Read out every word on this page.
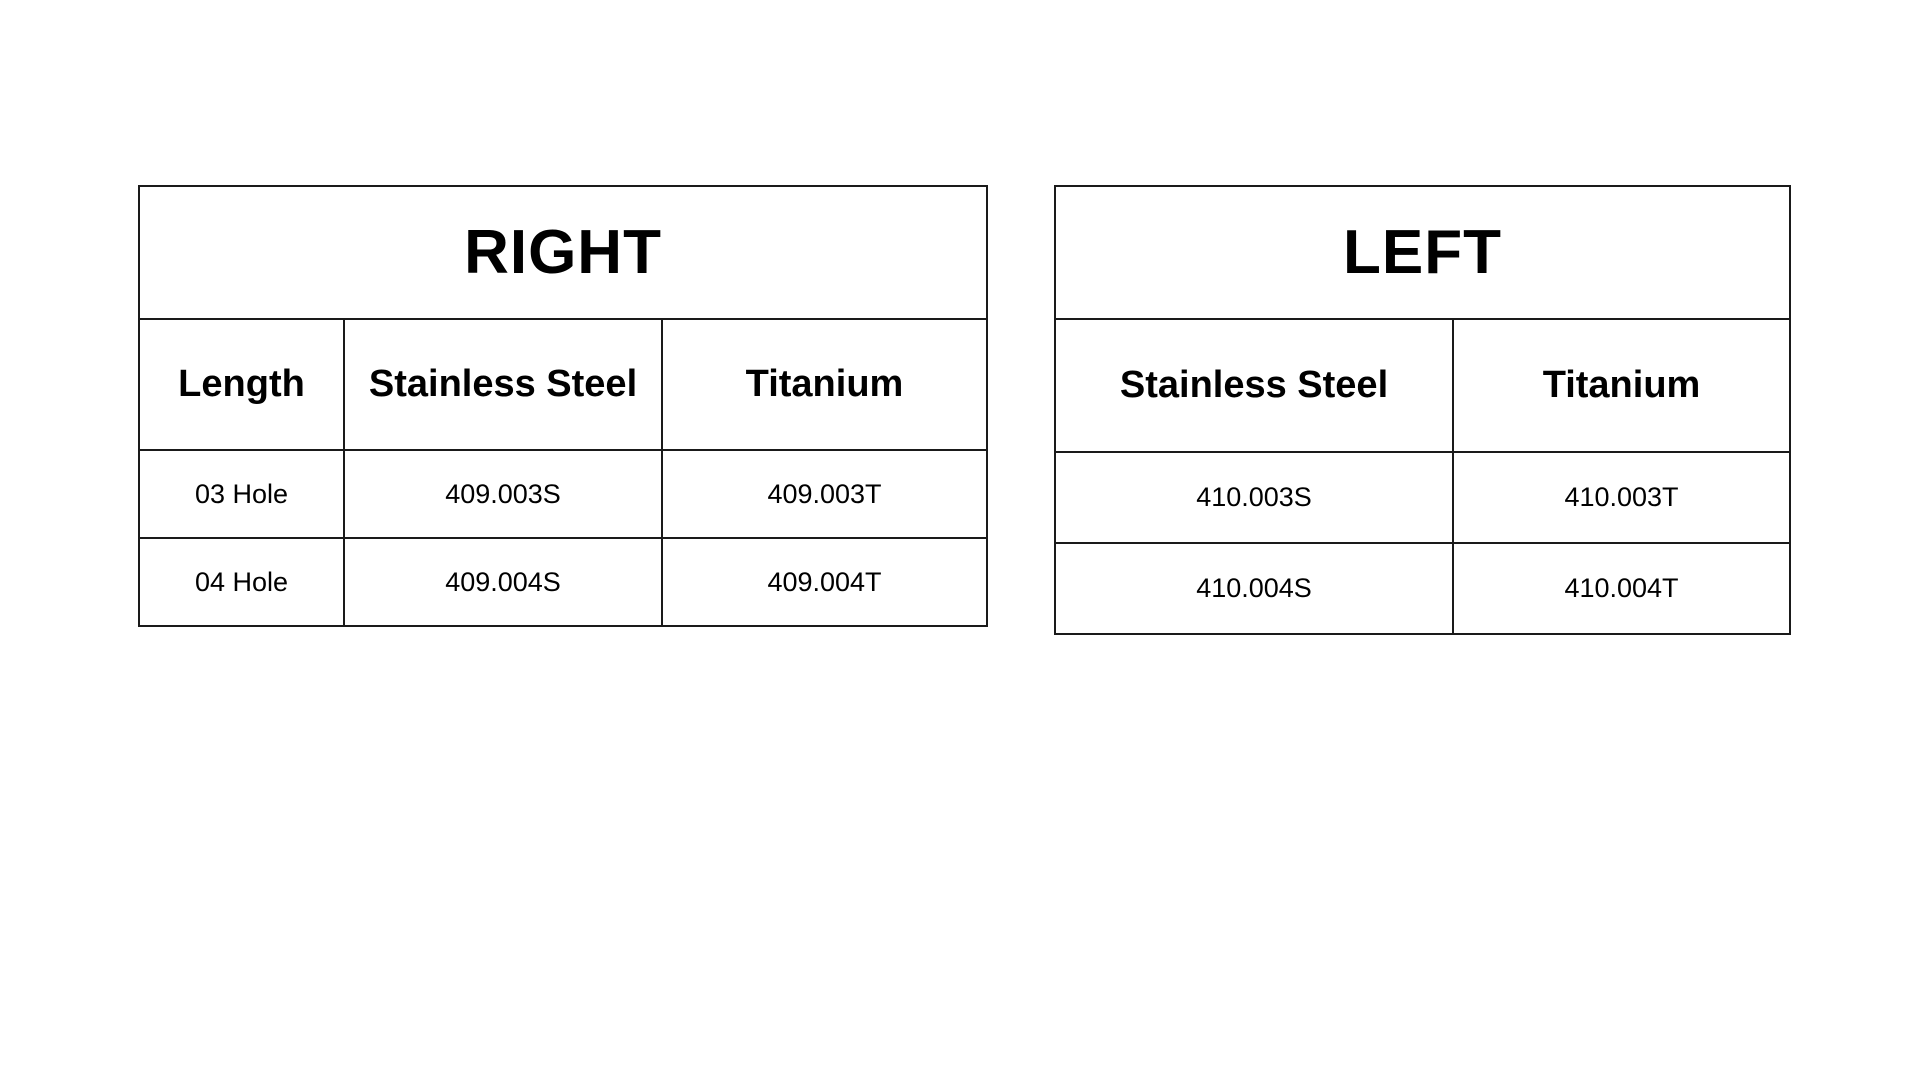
RIGHT		
Length	Stainless Steel	Titanium
03 Hole	409.003S	409.003T
04 Hole	409.004S	409.004T
LEFT	
Stainless Steel	Titanium
410.003S	410.003T
410.004S	410.004T
